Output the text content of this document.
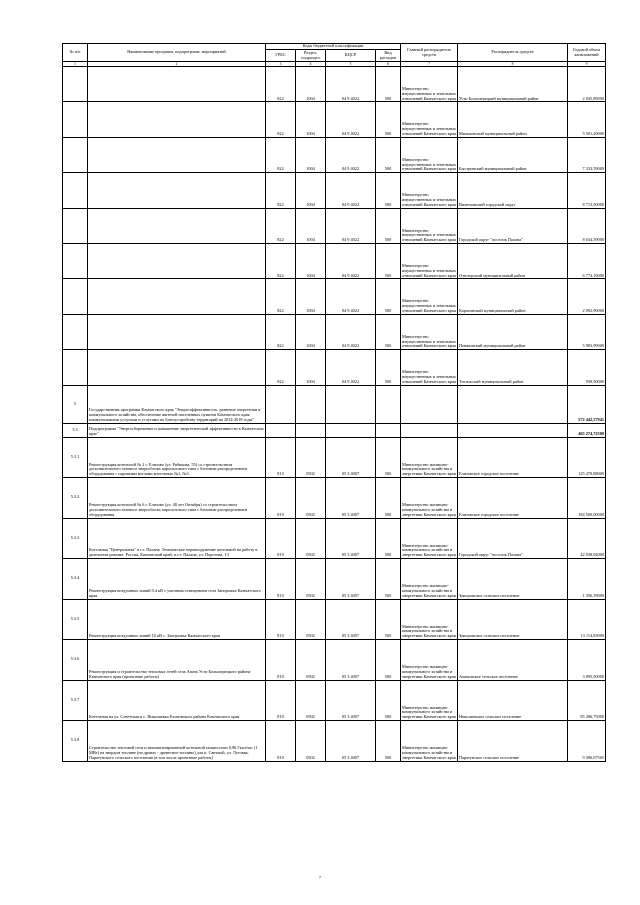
№ п/п	Наименование программ, подпрограмм, мероприятий	Коды бюджетной классификации				Главный распорядитель средств	Распорядитель средств	Годовой объем капвложений
		ГРБС	Раздел, подраздел	КЦСР	Вид расходов			
1	2	3	4	5	6	7	8	9
		822	1004	04 9 4022	500	Министерство имущественных и земельных отношений Камчатского края	Усть-Большерецкий муниципальный район	2 045,89000
		822	1004	04 9 4022	500	Министерство имущественных и земельных отношений Камчатского края	Мильковский муниципальный район	5 501,20000
		822	1004	04 9 4022	500	Министерство имущественных и земельных отношений Камчатского края	Быстринский муниципальный район	7 333,59000
		822	1004	04 9 4022	500	Министерство имущественных и земельных отношений Камчатского края	Вилючинский городской округ	8 713,50000
		822	1004	04 9 4022	500	Министерство имущественных и земельных отношений Камчатского края	Городской округ "поселок Палана"	8 634,59000
		822	1004	04 9 4022	500	Министерство имущественных и земельных отношений Камчатского края	Олюторский муниципальный район	6 774,10000
		822	1004	04 9 4022	500	Министерство имущественных и земельных отношений Камчатского края	Карагинский муниципальный район	2 092,90000
		822	1004	04 9 4022	500	Министерство имущественных и земельных отношений Камчатского края	Пенжинский муниципальный район	5 983,99000
		822	1004	04 9 4022	500	Министерство имущественных и земельных отношений Камчатского края	Тигильский муниципальный район	939,50000
5	Государственная программа Камчатского края "Энергоэффективность, развитие энергетики и коммунального хозяйства, обеспечение жителей населенных пунктов Камчатского края коммунальными услугами и услугами по благоустройству территорий на 2014-2018 годы"							572 442,57941
5.3	Подпрограмма "Энергосбережение и повышение энергетической эффективности в Камчатском крае"							465 274,72500
5.3.1	Реконструкция котельной № 2 г. Елизово (ул. Рябикова, 55) со строительством дополнительного газового энергоблока паросилового типа с блочным распределением оборудования с паровыми котлами котельных №1, №3	810	0502	05 3 4007	500	Министерство жилищно-коммунального хозяйства и энергетики Камчатского края	Елизовское городское поселение	125 470,88000
5.3.2	Реконструкция котельной № 6 г. Елизово (ул. 40 лет Октября) со строительством дополнительного газового энергоблока паросилового типа с блочным распределением оборудования	810	0502	05 3 4007	500	Министерство жилищно-коммунального хозяйства и энергетики Камчатского края	Елизовское городское поселение	184 500,00000
5.3.3	Котельная "Центральная" в г.т. Палана. Техническое перевооружение котельной на работу в дизельном режиме. Россия, Камчатский край, п.г.т. Палана, ул. Поротова, 13	810	0502	05 3 4007	500	Министерство жилищно-коммунального хозяйства и энергетики Камчатского края	Городской округ "поселок Палана"	42 038,94000
5.3.4	Реконструкция воздушных линий 0,4 кВ с уличным освещением села Запорожье Камчатского края	810	0502	05 3 4007	500	Министерство жилищно-коммунального хозяйства и энергетики Камчатского края	Запорожское сельское поселение	1 356,59000
5.3.5	Реконструкция воздушных линий 10 кВ с. Запорожье Камчатского края	810	0502	05 3 4007	500	Министерство жилищно-коммунального хозяйства и энергетики Камчатского края	Запорожское сельское поселение	13 114,83000
5.3.6	Реконструкция и строительство тепловых сетей села Апача Усть-Большерецкого района Камчатского края (проектные работы)	810	0502	05 3 4007	500	Министерство жилищно-коммунального хозяйства и энергетики Камчатского края	Апачинское сельское поселение	3 895,50000
5.3.7	Котельная на ул. Советская в с. Николаевка Елизовского района Камчатского края	810	0502	05 3 4007	500	Министерство жилищно-коммунального хозяйства и энергетики Камчатского края	Николаевское сельское поселение	85 286,75000
5.3.8	Строительство тепловой сети и автоматизированной котельной мощностью 0,96 Гкал/час (1 МВт) на твердом топливе (на дровах - древесное топливо) для п. Светлый, ул. Луговая, Паратунского сельского поселения (в том числе проектные работы)	810	0502	05 3 4007	500	Министерство жилищно-коммунального хозяйства и энергетики Камчатского края	Паратунское сельское поселение	9 396,07565
7
